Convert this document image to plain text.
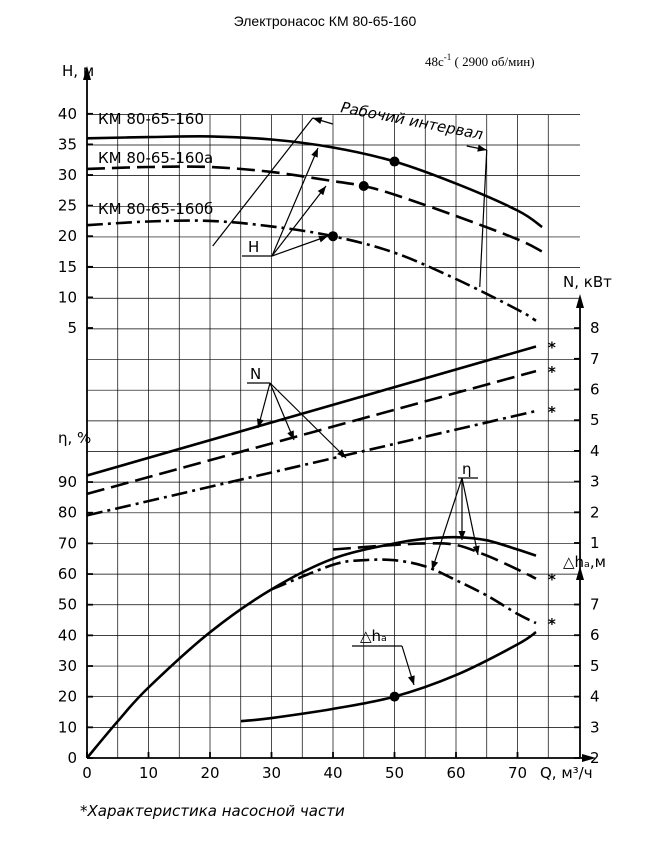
5
10
15
20
25
30
35
40
0
10
20
30
40
50
60
70
80
90
1
2
3
4
5
6
7
8
2
3
4
5
6
7
0	10	20	30	40	50	60	70
H, м
η, %
N, кВт
△hₐ,м
Q, м³/ч
*
*
*
*
*
КМ 80-65-160
КМ 80-65-160а
КМ 80-65-160б
Рабочий интервал
H
N
η
△hₐ
Электронасос КМ 80-65-160
$48с^{-1}$ ( 2900 об/мин)
*Характеристика насосной части
